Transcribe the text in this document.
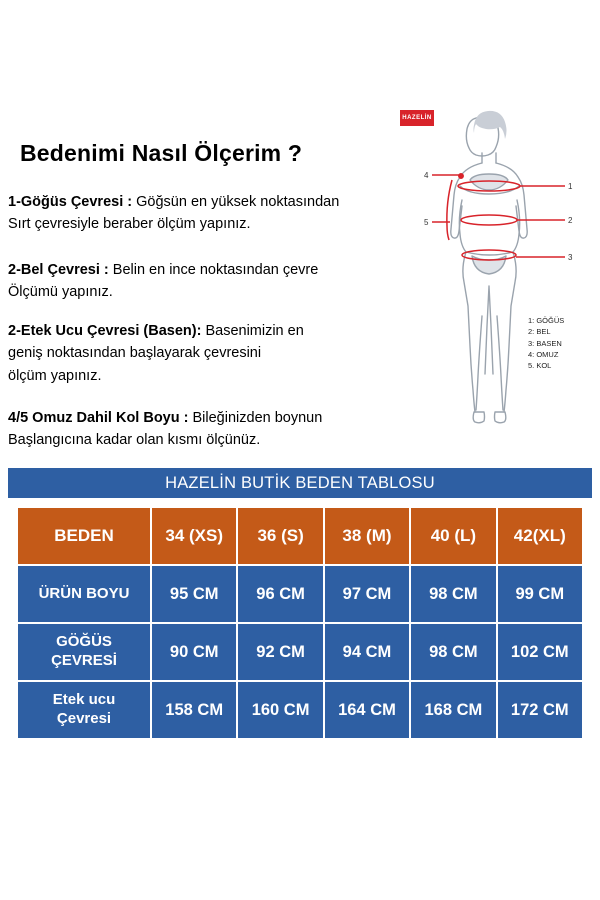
Bedenimi Nasıl Ölçerim ?
1-Göğüs Çevresi : Göğsün en yüksek noktasından
Sırt çevresiyle beraber ölçüm yapınız.
2-Bel Çevresi : Belin en ince noktasından çevre
Ölçümü yapınız.
2-Etek Ucu Çevresi (Basen): Basenimizin en
geniş noktasından başlayarak çevresini
ölçüm yapınız.
4/5 Omuz Dahil Kol Boyu : Bileğinizden boynun
Başlangıcına kadar olan kısmı ölçünüz.
HAZELİN
1
2
3
4
5
1: GÖĞÜS
2: BEL
3: BASEN
4: OMUZ
5. KOL
HAZELİN BUTİK BEDEN TABLOSU
BEDEN	34 (XS)	36 (S)	38 (M)	40 (L)	42(XL)
ÜRÜN BOYU	95 CM	96 CM	97 CM	98 CM	99 CM

GÖĞÜS
ÇEVRESİ	90 CM	92 CM	94 CM	98 CM	102 CM

Etek ucu
Çevresi	158 CM	160 CM	164 CM	168 CM	172 CM
